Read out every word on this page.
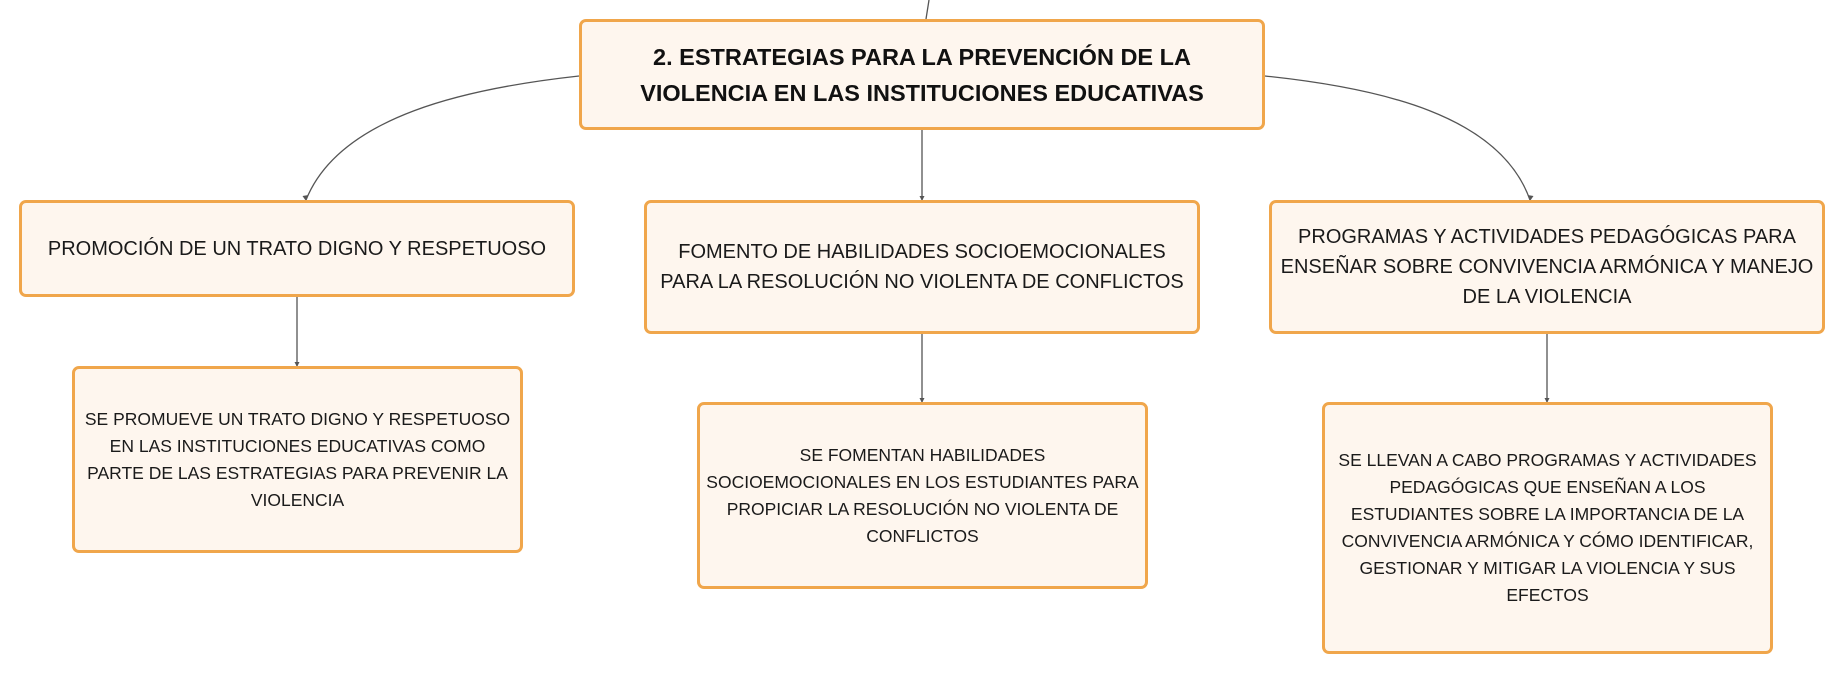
2. ESTRATEGIAS PARA LA PREVENCIÓN DE LA VIOLENCIA EN LAS INSTITUCIONES EDUCATIVAS
PROMOCIÓN DE UN TRATO DIGNO Y RESPETUOSO	FOMENTO DE HABILIDADES SOCIOEMOCIONALES PARA LA RESOLUCIÓN NO VIOLENTA DE CONFLICTOS
PROGRAMAS Y ACTIVIDADES PEDAGÓGICAS PARA ENSEÑAR SOBRE CONVIVENCIA ARMÓNICA Y MANEJO DE LA VIOLENCIA
SE PROMUEVE UN TRATO DIGNO Y RESPETUOSO EN LAS INSTITUCIONES EDUCATIVAS COMO PARTE DE LAS ESTRATEGIAS PARA PREVENIR LA VIOLENCIA
SE FOMENTAN HABILIDADES SOCIOEMOCIONALES EN LOS ESTUDIANTES PARA PROPICIAR LA RESOLUCIÓN NO VIOLENTA DE CONFLICTOS
SE LLEVAN A CABO PROGRAMAS Y ACTIVIDADES PEDAGÓGICAS QUE ENSEÑAN A LOS ESTUDIANTES SOBRE LA IMPORTANCIA DE LA CONVIVENCIA ARMÓNICA Y CÓMO IDENTIFICAR, GESTIONAR Y MITIGAR LA VIOLENCIA Y SUS EFECTOS
